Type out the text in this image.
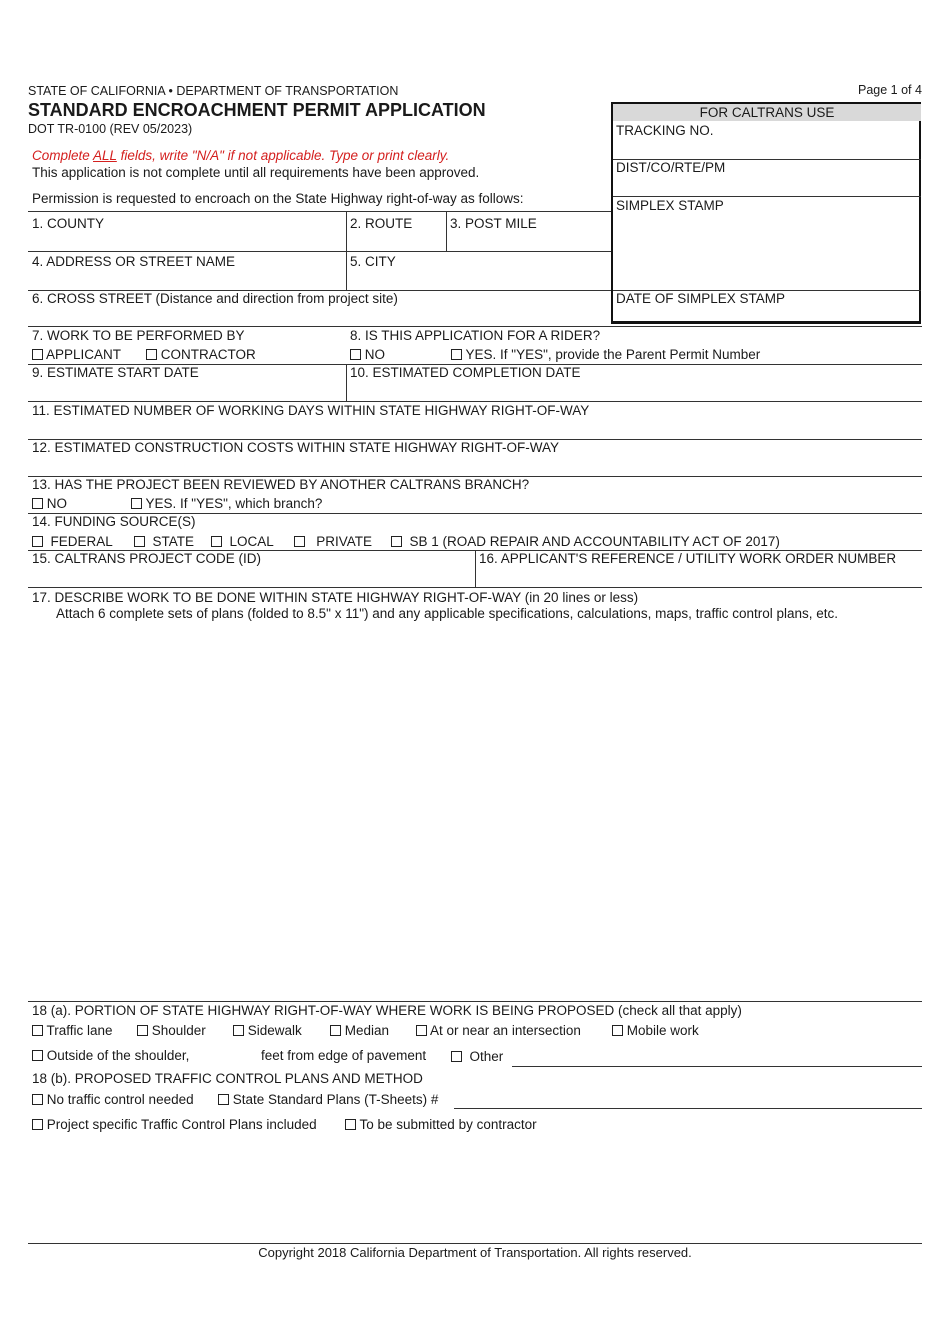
STATE OF CALIFORNIA • DEPARTMENT OF TRANSPORTATION
STANDARD ENCROACHMENT PERMIT APPLICATION
DOT TR-0100 (REV 05/2023)
Page 1 of 4
Complete ALL fields, write "N/A" if not applicable. Type or print clearly.
This application is not complete until all requirements have been approved.
Permission is requested to encroach on the State Highway right-of-way as follows:
FOR CALTRANS USE
TRACKING NO.
DIST/CO/RTE/PM
SIMPLEX STAMP
DATE OF SIMPLEX STAMP
1. COUNTY	2. ROUTE	3. POST MILE
4. ADDRESS OR STREET NAME	5. CITY
6. CROSS STREET (Distance and direction from project site)
7. WORK TO BE PERFORMED BY
APPLICANT	CONTRACTOR
8. IS THIS APPLICATION FOR A RIDER?
NO	YES. If "YES", provide the Parent Permit Number
9. ESTIMATE START DATE	10. ESTIMATED COMPLETION DATE
11. ESTIMATED NUMBER OF WORKING DAYS WITHIN STATE HIGHWAY RIGHT-OF-WAY
12. ESTIMATED CONSTRUCTION COSTS WITHIN STATE HIGHWAY RIGHT-OF-WAY
13. HAS THE PROJECT BEEN REVIEWED BY ANOTHER CALTRANS BRANCH?
NO	YES. If "YES", which branch?
14. FUNDING SOURCE(S)
FEDERAL	STATE	LOCAL	PRIVATE	SB 1 (ROAD REPAIR AND ACCOUNTABILITY ACT OF 2017)
15. CALTRANS PROJECT CODE (ID)	16. APPLICANT'S REFERENCE / UTILITY WORK ORDER NUMBER
17. DESCRIBE WORK TO BE DONE WITHIN STATE HIGHWAY RIGHT-OF-WAY (in 20 lines or less)
Attach 6 complete sets of plans (folded to 8.5" x 11") and any applicable specifications, calculations, maps, traffic control plans, etc.
18 (a). PORTION OF STATE HIGHWAY RIGHT-OF-WAY WHERE WORK IS BEING PROPOSED (check all that apply)
Traffic lane	Shoulder	Sidewalk	Median	At or near an intersection	Mobile work
Outside of the shoulder,	feet from edge of pavement	Other
18 (b). PROPOSED TRAFFIC CONTROL PLANS AND METHOD
No traffic control needed	State Standard Plans (T-Sheets) #
Project specific Traffic Control Plans included	To be submitted by contractor
Copyright 2018 California Department of Transportation. All rights reserved.
